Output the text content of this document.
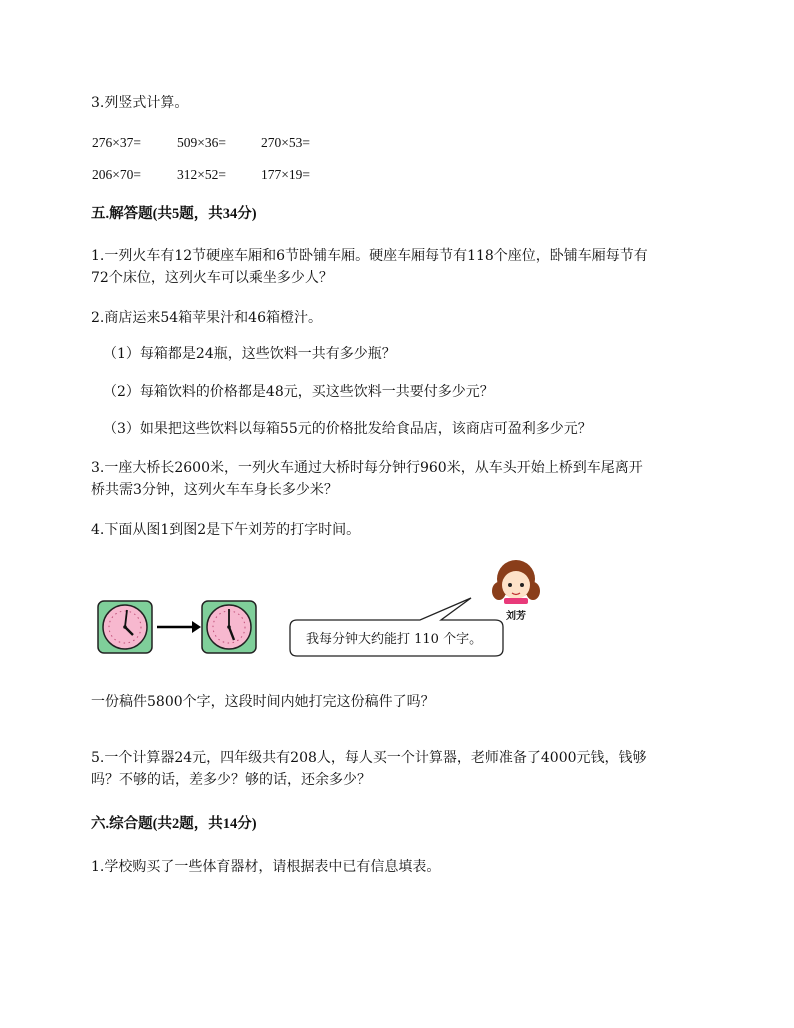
3.列竖式计算。
276×37=	509×36=	270×53=
206×70=	312×52=	177×19=
五.解答题(共5题，共34分)
1.一列火车有12节硬座车厢和6节卧铺车厢。硬座车厢每节有118个座位，卧铺车厢每节有
72个床位，这列火车可以乘坐多少人？
2.商店运来54箱苹果汁和46箱橙汁。
（1）每箱都是24瓶，这些饮料一共有多少瓶？
（2）每箱饮料的价格都是48元，买这些饮料一共要付多少元？
（3）如果把这些饮料以每箱55元的价格批发给食品店，该商店可盈利多少元？
3.一座大桥长2600米，一列火车通过大桥时每分钟行960米，从车头开始上桥到车尾离开
桥共需3分钟，这列火车车身长多少米？
4.下面从图1到图2是下午刘芳的打字时间。
我每分钟大约能打 110 个字。
刘芳
一份稿件5800个字，这段时间内她打完这份稿件了吗？
5.一个计算器24元，四年级共有208人，每人买一个计算器，老师准备了4000元钱，钱够
吗？不够的话，差多少？够的话，还余多少？
六.综合题(共2题，共14分)
1.学校购买了一些体育器材，请根据表中已有信息填表。
